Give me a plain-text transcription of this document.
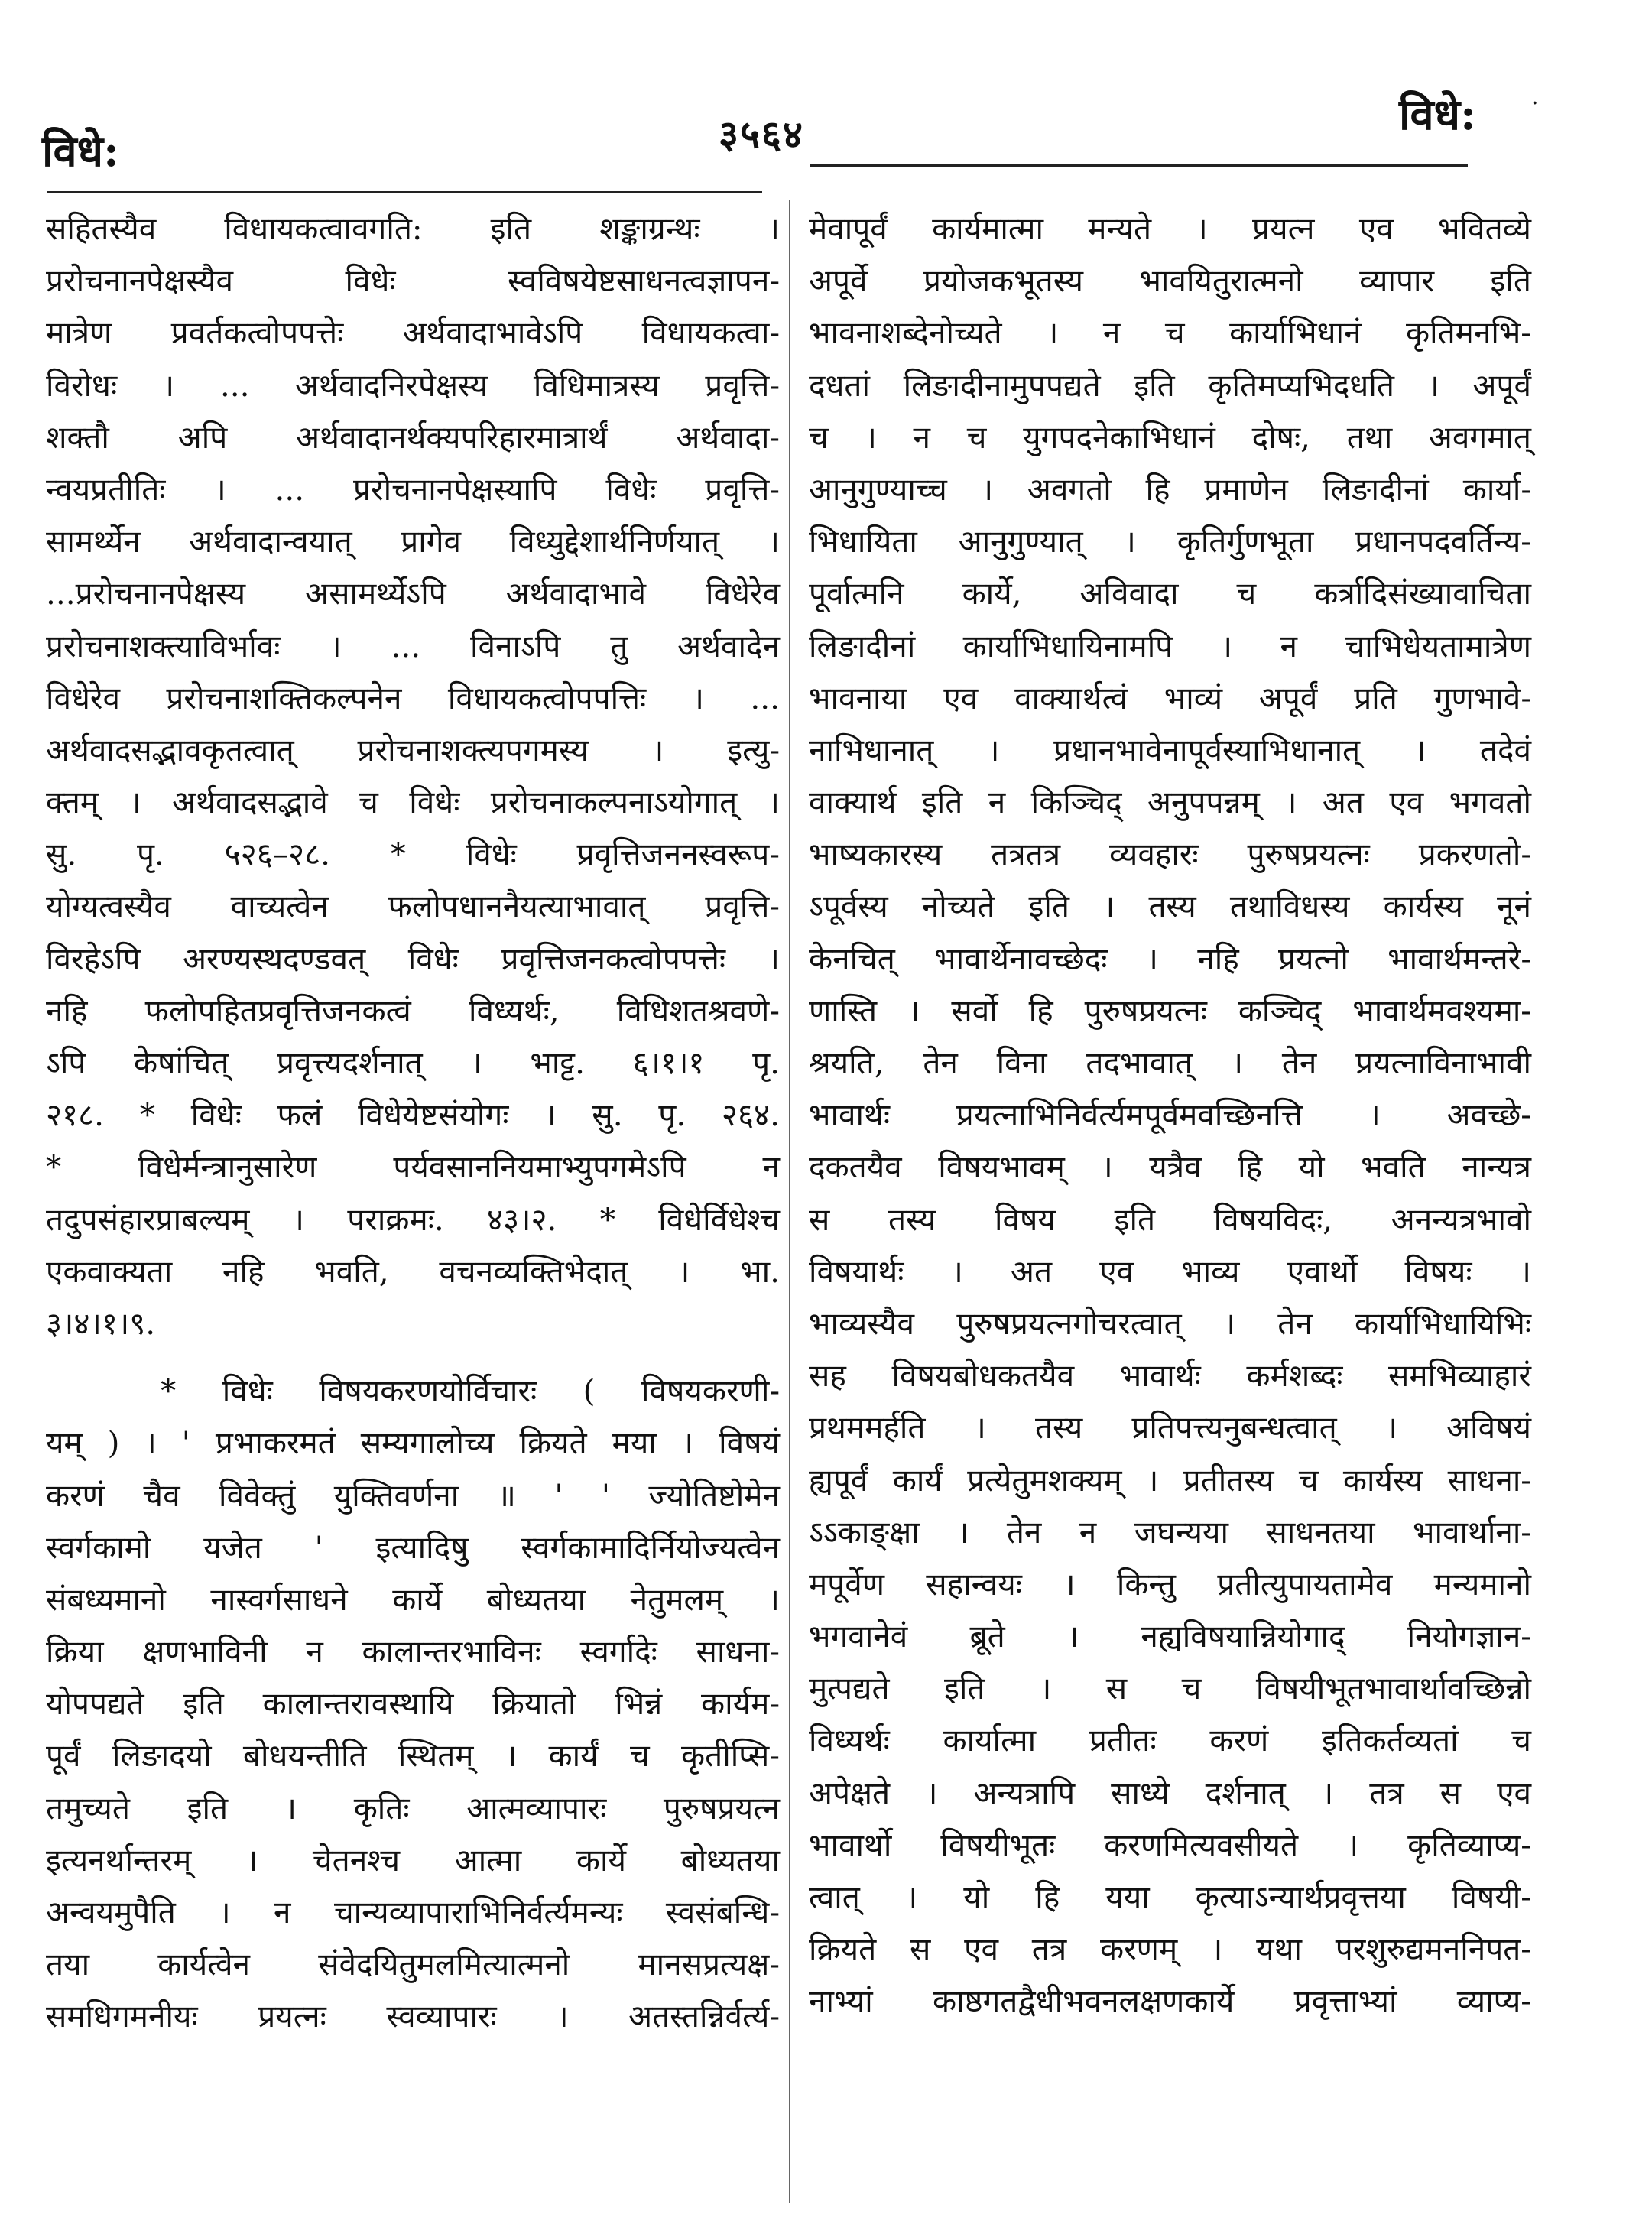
विधे:	३५६४	विधे: ·
सहितस्यैव विधायकत्वावगति: इति शङ्काग्रन्थः ।
प्ररोचनानपेक्षस्यैव विधेः स्वविषयेष्टसाधनत्वज्ञापन-
मात्रेण प्रवर्तकत्वोपपत्तेः अर्थवादाभावेऽपि विधायकत्वा-
विरोधः । ... अर्थवादनिरपेक्षस्य विधिमात्रस्य प्रवृत्ति-
शक्तौ अपि अर्थवादानर्थक्यपरिहारमात्रार्थं अर्थवादा-
न्वयप्रतीतिः । ... प्ररोचनानपेक्षस्यापि विधेः प्रवृत्ति-
सामर्थ्येन अर्थवादान्वयात् प्रागेव विध्युद्देशार्थनिर्णयात् ।
...प्ररोचनानपेक्षस्य असामर्थ्येऽपि अर्थवादाभावे विधेरेव
प्ररोचनाशक्त्याविर्भावः । ... विनाऽपि तु अर्थवादेन
विधेरेव प्ररोचनाशक्तिकल्पनेन विधायकत्वोपपत्तिः । ...
अर्थवादसद्भावकृतत्वात् प्ररोचनाशक्त्यपगमस्य । इत्यु-
क्तम् । अर्थवादसद्भावे च विधेः प्ररोचनाकल्पनाऽयोगात् ।
सु. पृ. ५२६–२८. * विधेः प्रवृत्तिजननस्वरूप-
योग्यत्वस्यैव वाच्यत्वेन फलोपधाननैयत्याभावात् प्रवृत्ति-
विरहेऽपि अरण्यस्थदण्डवत् विधेः प्रवृत्तिजनकत्वोपपत्तेः ।
नहि फलोपहितप्रवृत्तिजनकत्वं विध्यर्थः, विधिशतश्रवणे-
ऽपि केषांचित् प्रवृत्त्यदर्शनात् । भाट्ट. ६।१।१ पृ.
२१८. * विधेः फलं विधेयेष्टसंयोगः । सु. पृ. २६४.
* विधेर्मन्त्रानुसारेण पर्यवसाननियमाभ्युपगमेऽपि न
तदुपसंहारप्राबल्यम् । पराक्रमः. ४३।२. * विधेर्विधेश्च
एकवाक्यता नहि भवति, वचनव्यक्तिभेदात् । भा.
३।४।१।९.
* विधेः विषयकरणयोर्विचारः ( विषयकरणी-
यम् ) । ' प्रभाकरमतं सम्यगालोच्य क्रियते मया । विषयं
करणं चैव विवेक्तुं युक्तिवर्णना ॥ ' ' ज्योतिष्टोमेन
स्वर्गकामो यजेत ' इत्यादिषु स्वर्गकामादिर्नियोज्यत्वेन
संबध्यमानो नास्वर्गसाधने कार्ये बोध्यतया नेतुमलम् ।
क्रिया क्षणभाविनी न कालान्तरभाविनः स्वर्गादेः साधना-
योपपद्यते इति कालान्तरावस्थायि क्रियातो भिन्नं कार्यम-
पूर्वं लिङादयो बोधयन्तीति स्थितम् । कार्यं च कृतीप्सि-
तमुच्यते इति । कृतिः आत्मव्यापारः पुरुषप्रयत्न
इत्यनर्थान्तरम् । चेतनश्च आत्मा कार्ये बोध्यतया
अन्वयमुपैति । न चान्यव्यापाराभिनिर्वर्त्यमन्यः स्वसंबन्धि-
तया कार्यत्वेन संवेदयितुमलमित्यात्मनो मानसप्रत्यक्ष-
समधिगमनीयः प्रयत्नः स्वव्यापारः । अतस्तन्निर्वर्त्य-
मेवापूर्वं कार्यमात्मा मन्यते । प्रयत्न एव भवितव्ये
अपूर्वे प्रयोजकभूतस्य भावयितुरात्मनो व्यापार इति
भावनाशब्देनोच्यते । न च कार्याभिधानं कृतिमनभि-
दधतां लिङादीनामुपपद्यते इति कृतिमप्यभिदधति । अपूर्वं
च । न च युगपदनेकाभिधानं दोषः, तथा अवगमात्
आनुगुण्याच्च । अवगतो हि प्रमाणेन लिङादीनां कार्या-
भिधायिता आनुगुण्यात् । कृतिर्गुणभूता प्रधानपदवर्तिन्य-
पूर्वात्मनि कार्ये, अविवादा च कर्त्रादिसंख्यावाचिता
लिङादीनां कार्याभिधायिनामपि । न चाभिधेयतामात्रेण
भावनाया एव वाक्यार्थत्वं भाव्यं अपूर्वं प्रति गुणभावे-
नाभिधानात् । प्रधानभावेनापूर्वस्याभिधानात् । तदेवं
वाक्यार्थ इति न किञ्चिद् अनुपपन्नम् । अत एव भगवतो
भाष्यकारस्य तत्रतत्र व्यवहारः पुरुषप्रयत्नः प्रकरणतो-
ऽपूर्वस्य नोच्यते इति । तस्य तथाविधस्य कार्यस्य नूनं
केनचित् भावार्थेनावच्छेदः । नहि प्रयत्नो भावार्थमन्तरे-
णास्ति । सर्वो हि पुरुषप्रयत्नः कञ्चिद् भावार्थमवश्यमा-
श्रयति, तेन विना तदभावात् । तेन प्रयत्नाविनाभावी
भावार्थः प्रयत्नाभिनिर्वर्त्यमपूर्वमवच्छिनत्ति । अवच्छे-
दकतयैव विषयभावम् । यत्रैव हि यो भवति नान्यत्र
स तस्य विषय इति विषयविदः, अनन्यत्रभावो
विषयार्थः । अत एव भाव्य एवार्थो विषयः ।
भाव्यस्यैव पुरुषप्रयत्नगोचरत्वात् । तेन कार्याभिधायिभिः
सह विषयबोधकतयैव भावार्थः कर्मशब्दः समभिव्याहारं
प्रथममर्हति । तस्य प्रतिपत्त्यनुबन्धत्वात् । अविषयं
ह्यपूर्वं कार्यं प्रत्येतुमशक्यम् । प्रतीतस्य च कार्यस्य साधना-
ऽऽकाङ्क्षा । तेन न जघन्यया साधनतया भावार्थाना-
मपूर्वेण सहान्वयः । किन्तु प्रतीत्युपायतामेव मन्यमानो
भगवानेवं ब्रूते । नह्यविषयान्नियोगाद् नियोगज्ञान-
मुत्पद्यते इति । स च विषयीभूतभावार्थावच्छिन्नो
विध्यर्थः कार्यात्मा प्रतीतः करणं इतिकर्तव्यतां च
अपेक्षते । अन्यत्रापि साध्ये दर्शनात् । तत्र स एव
भावार्थो विषयीभूतः करणमित्यवसीयते । कृतिव्याप्य-
त्वात् । यो हि यया कृत्याऽन्यार्थप्रवृत्तया विषयी-
क्रियते स एव तत्र करणम् । यथा परशुरुद्यमननिपत-
नाभ्यां काष्ठगतद्वैधीभवनलक्षणकार्ये प्रवृत्ताभ्यां व्याप्य-
